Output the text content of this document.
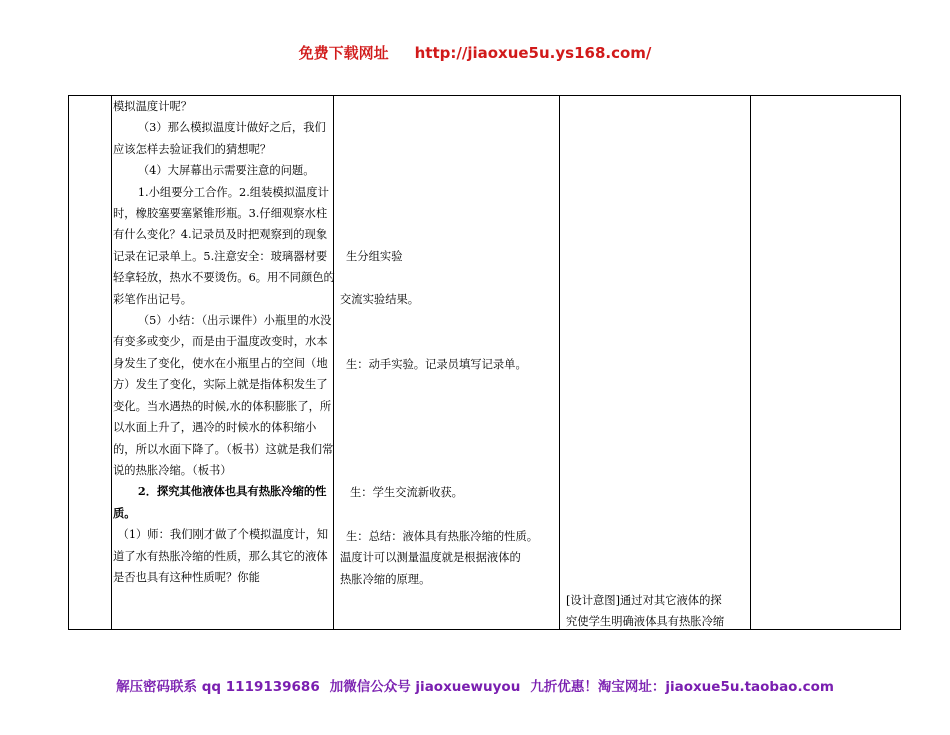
免费下载网址 http://jiaoxue5u.ys168.com/

模拟温度计呢？

（3）那么模拟温度计做好之后，我们应该怎样去验证我们的猜想呢？

（4）大屏幕出示需要注意的问题。

1.小组要分工合作。2.组装模拟温度计时，橡胶塞要塞紧锥形瓶。3.仔细观察水柱有什么变化？4.记录员及时把观察到的现象记录在记录单上。5.注意安全：玻璃器材要轻拿轻放，热水不要烫伤。6。用不同颜色的彩笔作出记号。

（5）小结：（出示课件）小瓶里的水没有变多或变少，而是由于温度改变时，水本身发生了变化，使水在小瓶里占的空间（地方）发生了变化，实际上就是指体积发生了变化。当水遇热的时候,水的体积膨胀了，所以水面上升了，遇冷的时候水的体积缩小的，所以水面下降了。（板书）这就是我们常说的热胀冷缩。（板书）

2．探究其他液体也具有热胀冷缩的性质。

（1）师：我们刚才做了个模拟温度计，知道了水有热胀冷缩的性质，那么其它的液体是否也具有这种性质呢？你能

生分组实验

交流实验结果。

生：动手实验。记录员填写记录单。

生：学生交流新收获。

生：总结：液体具有热胀冷缩的性质。

温度计可以测量温度就是根据液体的

热胀冷缩的原理。

[设计意图]通过对其它液体的探

究使学生明确液体具有热胀冷缩

解压密码联系 qq 1119139686 加微信公众号 jiaoxuewuyou 九折优惠！淘宝网址：jiaoxue5u.taobao.com
